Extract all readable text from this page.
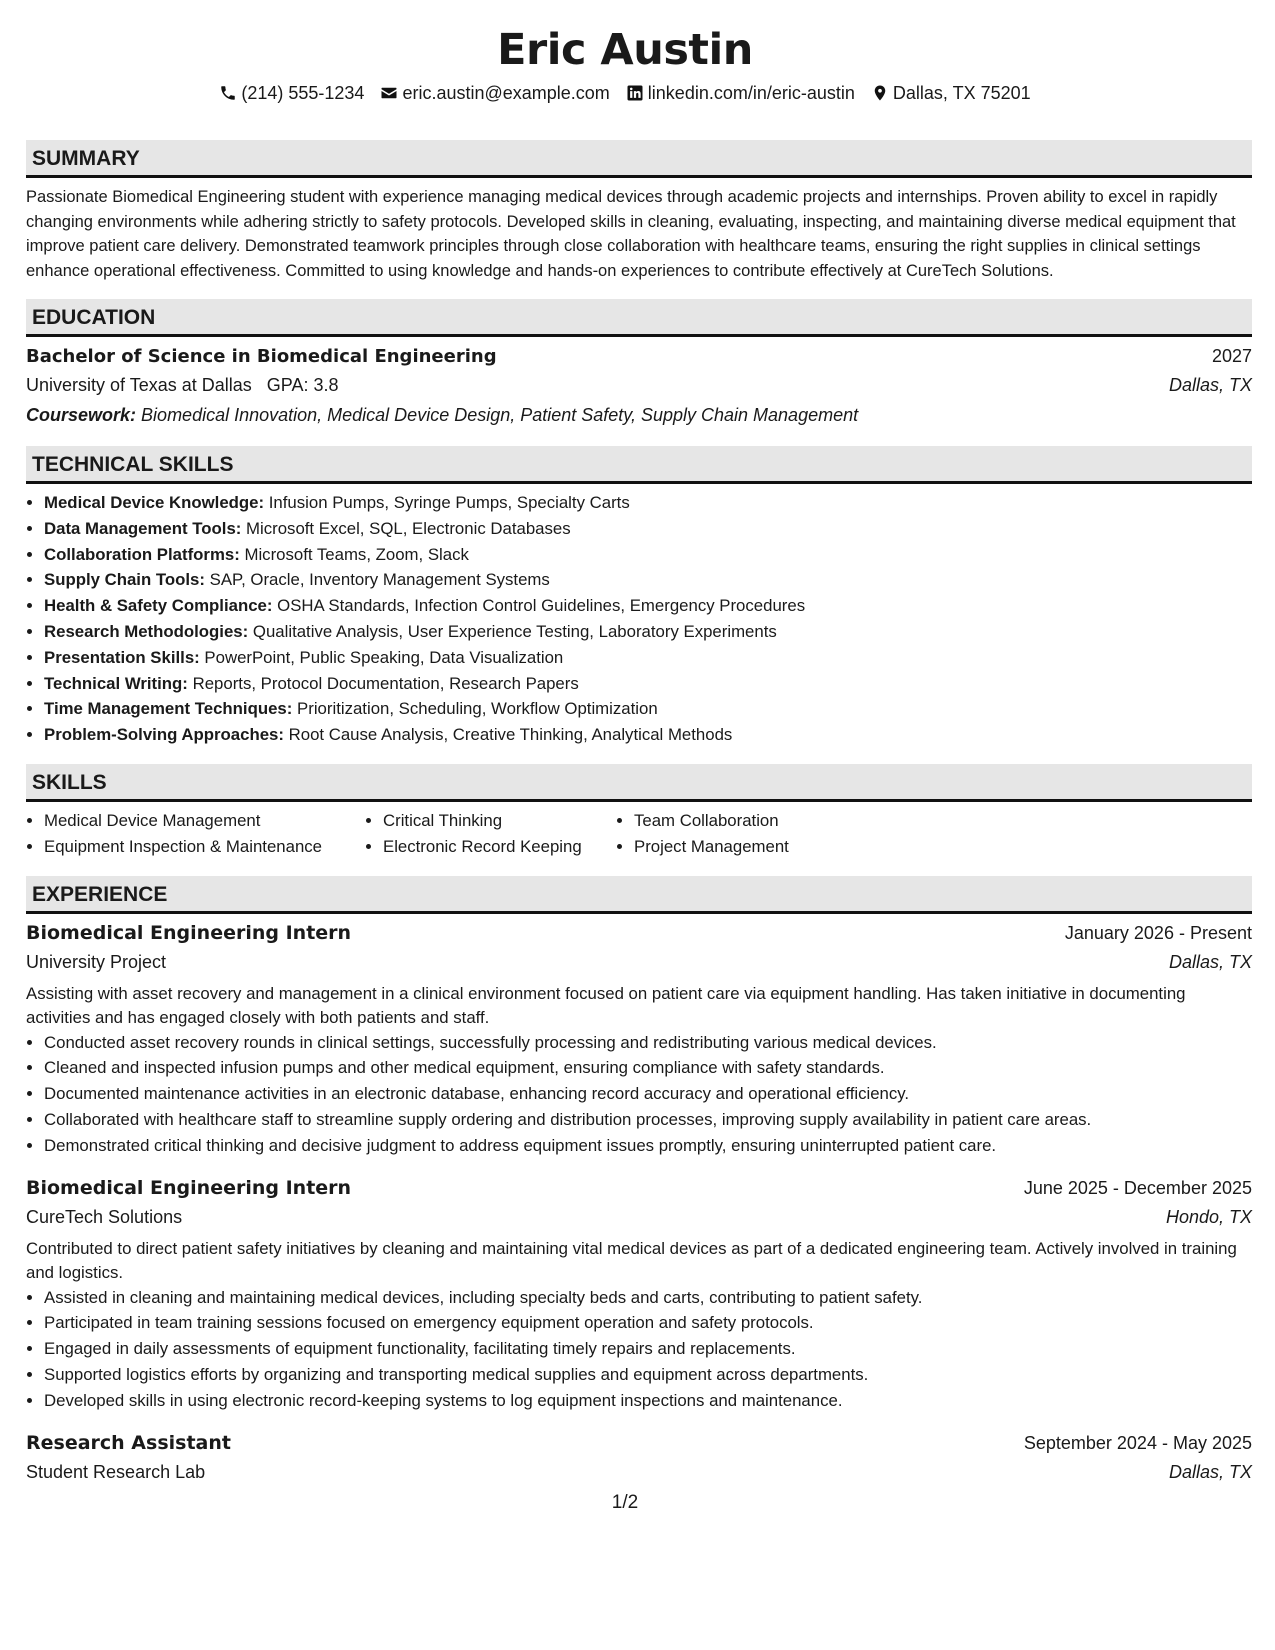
Eric Austin
(214) 555-1234 eric.austin@example.com linkedin.com/in/eric-austin Dallas, TX 75201
SUMMARY
Passionate Biomedical Engineering student with experience managing medical devices through academic projects and internships. Proven ability to excel in rapidly changing environments while adhering strictly to safety protocols. Developed skills in cleaning, evaluating, inspecting, and maintaining diverse medical equipment that improve patient care delivery. Demonstrated teamwork principles through close collaboration with healthcare teams, ensuring the right supplies in clinical settings enhance operational effectiveness. Committed to using knowledge and hands-on experiences to contribute effectively at CureTech Solutions.
EDUCATION
Bachelor of Science in Biomedical Engineering	2027
University of Texas at Dallas GPA: 3.8	Dallas, TX
Coursework: Biomedical Innovation, Medical Device Design, Patient Safety, Supply Chain Management
TECHNICAL SKILLS
• Medical Device Knowledge: Infusion Pumps, Syringe Pumps, Specialty Carts
• Data Management Tools: Microsoft Excel, SQL, Electronic Databases
• Collaboration Platforms: Microsoft Teams, Zoom, Slack
• Supply Chain Tools: SAP, Oracle, Inventory Management Systems
• Health & Safety Compliance: OSHA Standards, Infection Control Guidelines, Emergency Procedures
• Research Methodologies: Qualitative Analysis, User Experience Testing, Laboratory Experiments
• Presentation Skills: PowerPoint, Public Speaking, Data Visualization
• Technical Writing: Reports, Protocol Documentation, Research Papers
• Time Management Techniques: Prioritization, Scheduling, Workflow Optimization
• Problem-Solving Approaches: Root Cause Analysis, Creative Thinking, Analytical Methods
SKILLS
• Medical Device Management
• Equipment Inspection & Maintenance
• Critical Thinking
• Electronic Record Keeping
• Team Collaboration
• Project Management
EXPERIENCE
Biomedical Engineering Intern	January 2026 - Present
University Project	Dallas, TX
Assisting with asset recovery and management in a clinical environment focused on patient care via equipment handling. Has taken initiative in documenting activities and has engaged closely with both patients and staff.
• Conducted asset recovery rounds in clinical settings, successfully processing and redistributing various medical devices.
• Cleaned and inspected infusion pumps and other medical equipment, ensuring compliance with safety standards.
• Documented maintenance activities in an electronic database, enhancing record accuracy and operational efficiency.
• Collaborated with healthcare staff to streamline supply ordering and distribution processes, improving supply availability in patient care areas.
• Demonstrated critical thinking and decisive judgment to address equipment issues promptly, ensuring uninterrupted patient care.
Biomedical Engineering Intern	June 2025 - December 2025
CureTech Solutions	Hondo, TX
Contributed to direct patient safety initiatives by cleaning and maintaining vital medical devices as part of a dedicated engineering team. Actively involved in training and logistics.
• Assisted in cleaning and maintaining medical devices, including specialty beds and carts, contributing to patient safety.
• Participated in team training sessions focused on emergency equipment operation and safety protocols.
• Engaged in daily assessments of equipment functionality, facilitating timely repairs and replacements.
• Supported logistics efforts by organizing and transporting medical supplies and equipment across departments.
• Developed skills in using electronic record-keeping systems to log equipment inspections and maintenance.
Research Assistant	September 2024 - May 2025
Student Research Lab	Dallas, TX
1/2
